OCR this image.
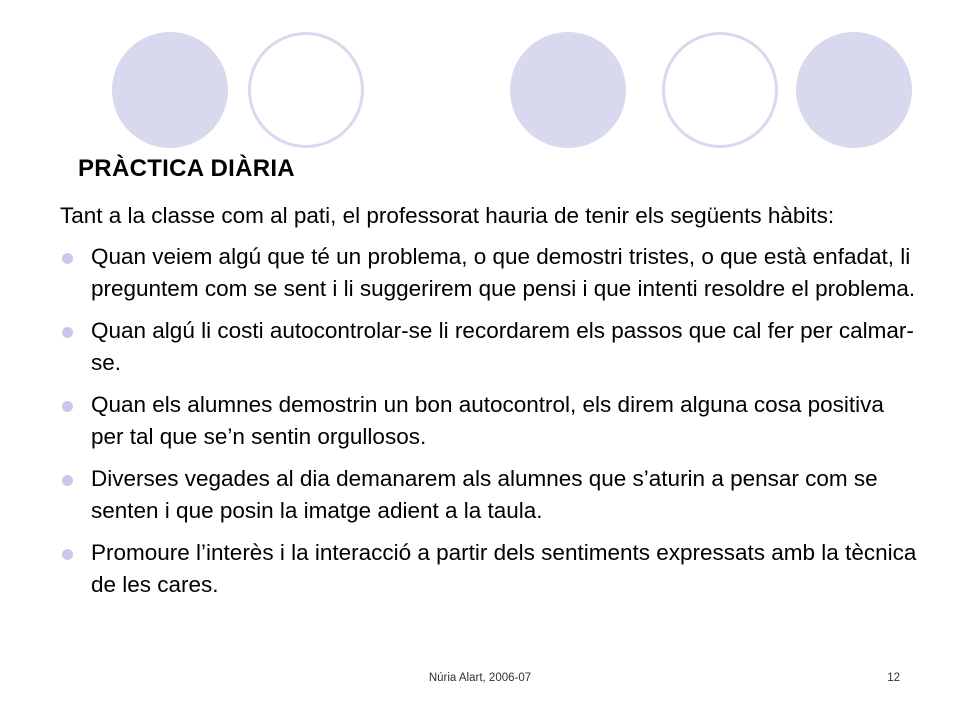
PRÀCTICA DIÀRIA

Tant a la classe com al pati, el professorat hauria de tenir els següents hàbits:

Quan veiem algú que té un problema, o que demostri tristes, o que està enfadat, li preguntem com se sent i li suggerirem que pensi i que intenti resoldre el problema.
Quan algú li costi autocontrolar-se li recordarem els passos que cal fer per calmar-se.
Quan els alumnes demostrin un bon autocontrol, els direm alguna cosa positiva per tal que se’n sentin orgullosos.
Diverses vegades al dia demanarem als alumnes que s’aturin a pensar com se senten i que posin la imatge adient a la taula.
Promoure l’interès i la interacció a partir dels sentiments expressats amb la tècnica de les cares.
Núria Alart, 2006-07	12
